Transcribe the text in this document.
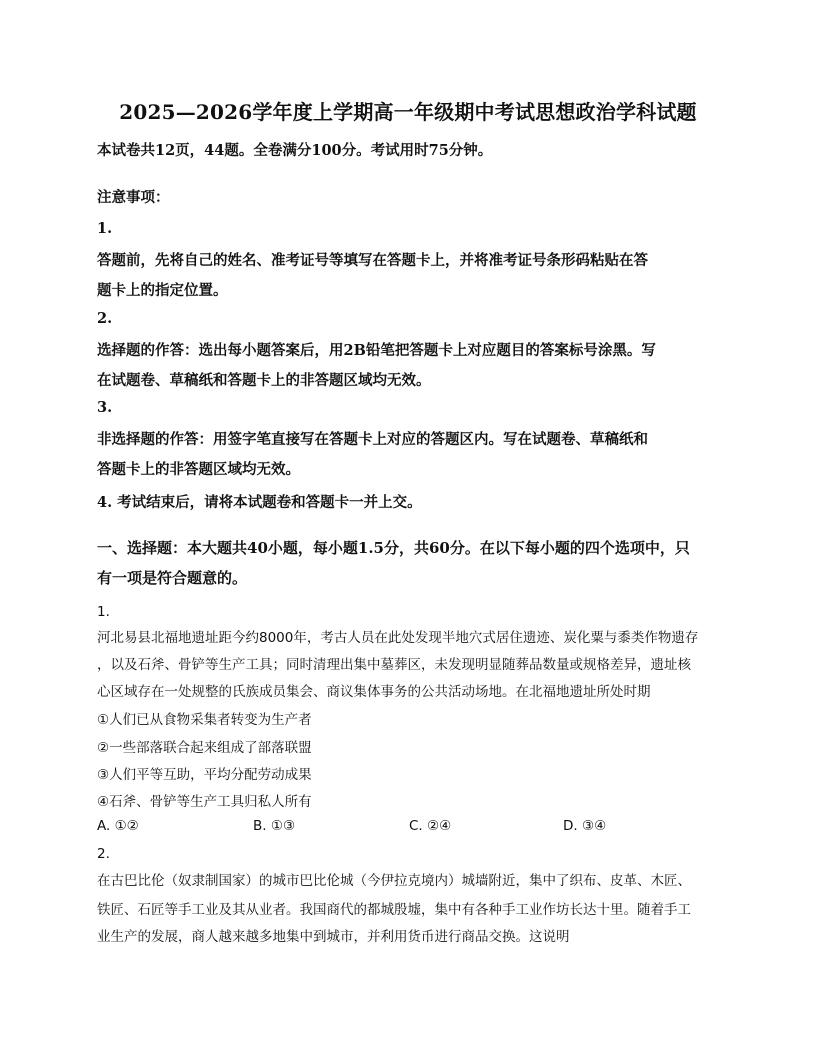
2025—2026学年度上学期高一年级期中考试思想政治学科试题
本试卷共12页，44题。全卷满分100分。考试用时75分钟。
注意事项：
1.
答题前，先将自己的姓名、准考证号等填写在答题卡上，并将准考证号条形码粘贴在答
题卡上的指定位置。
2.
选择题的作答：选出每小题答案后，用2B铅笔把答题卡上对应题目的答案标号涂黑。写
在试题卷、草稿纸和答题卡上的非答题区域均无效。
3.
非选择题的作答：用签字笔直接写在答题卡上对应的答题区内。写在试题卷、草稿纸和
答题卡上的非答题区域均无效。
4. 考试结束后，请将本试题卷和答题卡一并上交。
一、选择题：本大题共40小题，每小题1.5分，共60分。在以下每小题的四个选项中，只
有一项是符合题意的。
1.
河北易县北福地遗址距今约8000年，考古人员在此处发现半地穴式居住遗迹、炭化粟与黍类作物遗存
，以及石斧、骨铲等生产工具；同时清理出集中墓葬区，未发现明显随葬品数量或规格差异，遗址核
心区域存在一处规整的氏族成员集会、商议集体事务的公共活动场地。在北福地遗址所处时期
①人们已从食物采集者转变为生产者
②一些部落联合起来组成了部落联盟
③人们平等互助，平均分配劳动成果
④石斧、骨铲等生产工具归私人所有
A. ①②	B. ①③	C. ②④	D. ③④
2.
在古巴比伦（奴隶制国家）的城市巴比伦城（今伊拉克境内）城墙附近，集中了织布、皮革、木匠、
铁匠、石匠等手工业及其从业者。我国商代的都城殷墟，集中有各种手工业作坊长达十里。随着手工
业生产的发展，商人越来越多地集中到城市，并利用货币进行商品交换。这说明
